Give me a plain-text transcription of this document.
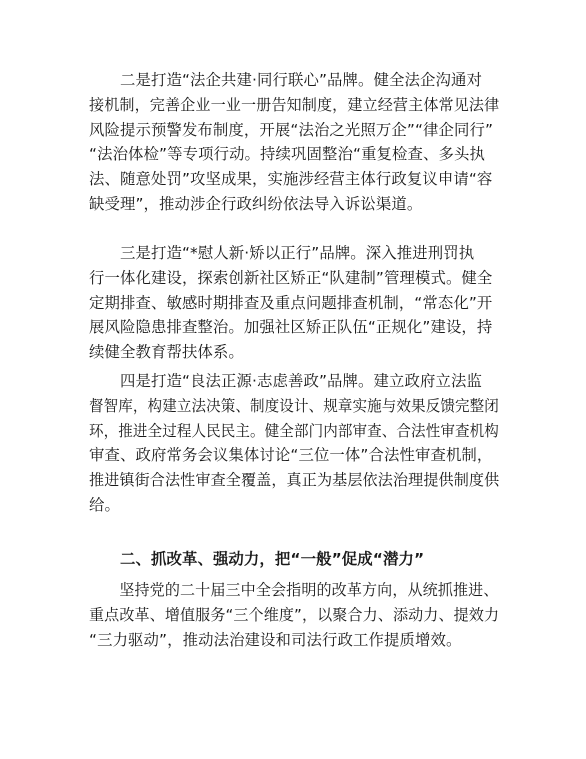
二是打造“法企共建·同行联心”品牌。健全法企沟通对
接机制，完善企业一业一册告知制度，建立经营主体常见法律
风险提示预警发布制度，开展“法治之光照万企”“律企同行”
“法治体检”等专项行动。持续巩固整治“重复检查、多头执
法、随意处罚”攻坚成果，实施涉经营主体行政复议申请“容
缺受理”，推动涉企行政纠纷依法导入诉讼渠道。

三是打造“*慰人新·矫以正行”品牌。深入推进刑罚执
行一体化建设，探索创新社区矫正“队建制”管理模式。健全
定期排查、敏感时期排查及重点问题排查机制，“常态化”开
展风险隐患排查整治。加强社区矫正队伍“正规化”建设，持
续健全教育帮扶体系。

四是打造“良法正源·志虑善政”品牌。建立政府立法监
督智库，构建立法决策、制度设计、规章实施与效果反馈完整闭
环，推进全过程人民民主。健全部门内部审查、合法性审查机构
审查、政府常务会议集体讨论“三位一体”合法性审查机制，
推进镇街合法性审查全覆盖，真正为基层依法治理提供制度供
给。

二、抓改革、强动力，把“一般”促成“潜力”

坚持党的二十届三中全会指明的改革方向，从统抓推进、
重点改革、增值服务“三个维度”，以聚合力、添动力、提效力
“三力驱动”，推动法治建设和司法行政工作提质增效。
